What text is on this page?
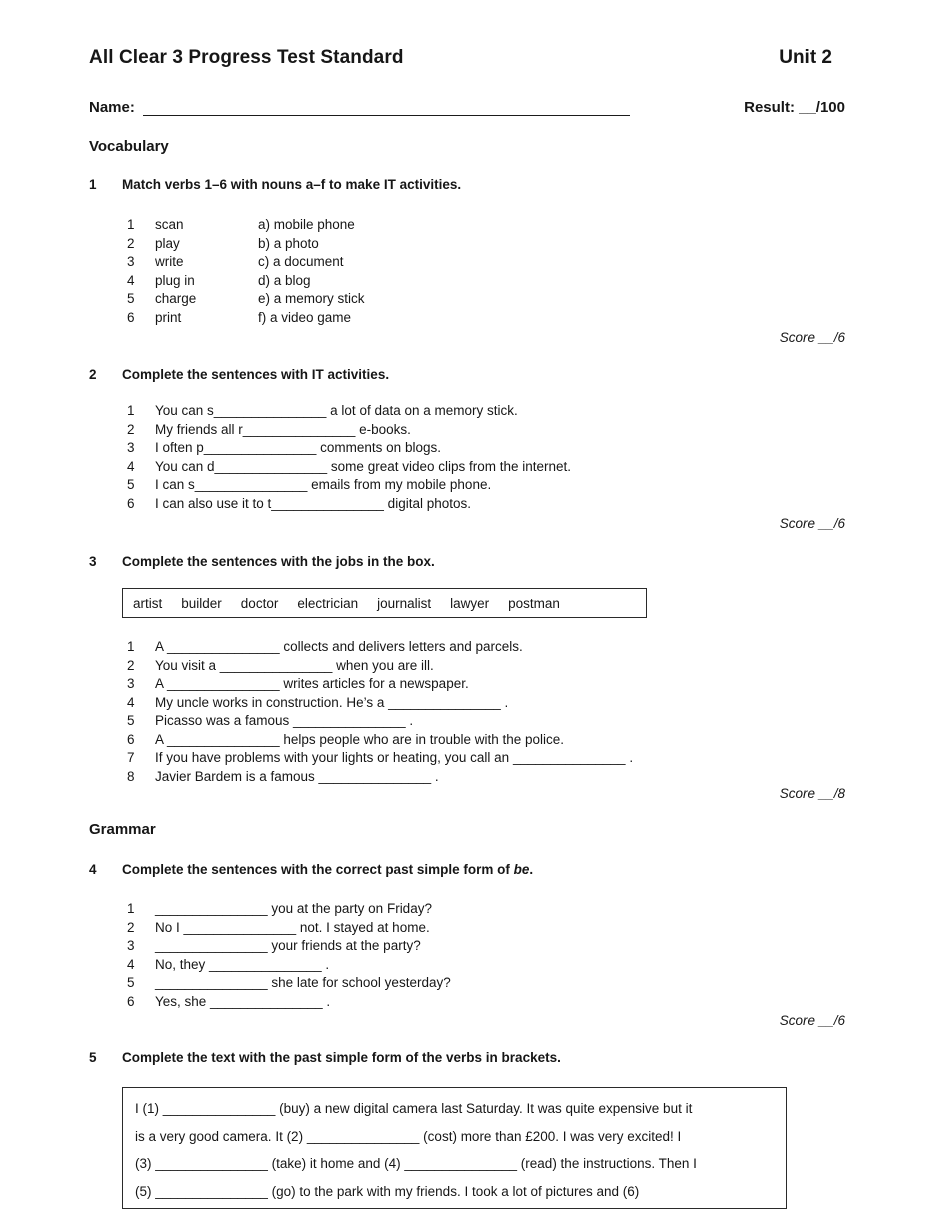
All Clear 3 Progress Test Standard	Unit 2
Name:	Result: __/100
Vocabulary
1	Match verbs 1–6 with nouns a–f to make IT activities.
1	scan	a) mobile phone
2	play	b) a photo
3	write	c) a document
4	plug in	d) a blog
5	charge	e) a memory stick
6	print	f) a video game
Score __/6
2	Complete the sentences with IT activities.
1	You can s_______________ a lot of data on a memory stick.
2	My friends all r_______________ e-books.
3	I often p_______________ comments on blogs.
4	You can d_______________ some great video clips from the internet.
5	I can s_______________ emails from my mobile phone.
6	I can also use it to t_______________ digital photos.
Score __/6
3	Complete the sentences with the jobs in the box.
artist builder doctor electrician journalist lawyer postman
1	A _______________ collects and delivers letters and parcels.
2	You visit a _______________ when you are ill.
3	A _______________ writes articles for a newspaper.
4	My uncle works in construction. He’s a _______________ .
5	Picasso was a famous _______________ .
6	A _______________ helps people who are in trouble with the police.
7	If you have problems with your lights or heating, you call an _______________ .
8	Javier Bardem is a famous _______________ .
Score __/8
Grammar
4	Complete the sentences with the correct past simple form of be.
1	_______________ you at the party on Friday?
2	No I _______________ not. I stayed at home.
3	_______________ your friends at the party?
4	No, they _______________ .
5	_______________ she late for school yesterday?
6	Yes, she _______________ .
Score __/6
5	Complete the text with the past simple form of the verbs in brackets.
I (1) _______________ (buy) a new digital camera last Saturday. It was quite expensive but it
is a very good camera. It (2) _______________ (cost) more than £200. I was very excited! I
(3) _______________ (take) it home and (4) _______________ (read) the instructions. Then I
(5) _______________ (go) to the park with my friends. I took a lot of pictures and (6)
